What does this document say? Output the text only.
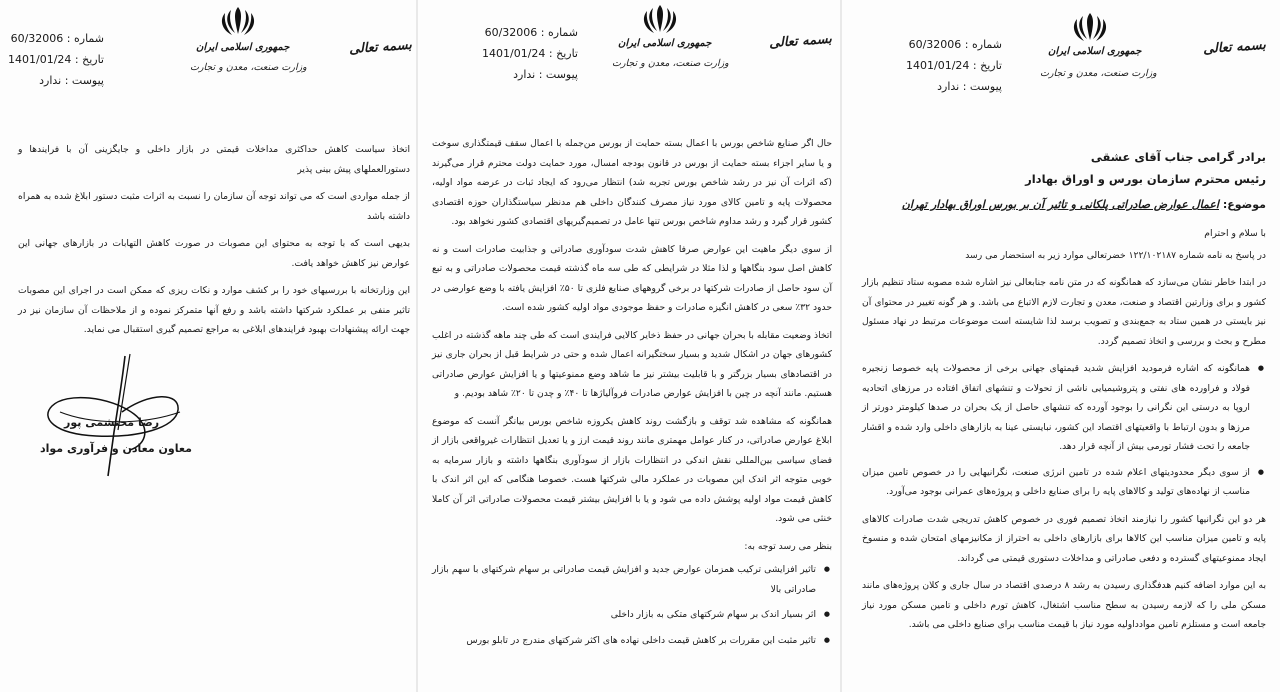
بسمه تعالی
جمهوری اسلامی ایران
وزارت صنعت، معدن و تجارت
شماره : 60/32006
تاریخ : 1401/01/24
پیوست : ندارد
برادر گرامی جناب آقای عشقی
رئیس محترم سازمان بورس و اوراق بهادار
موضوع: اعمال عوارض صادراتی پلکانی و تاثیر آن بر بورس اوراق بهادار تهران

با سلام و احترام

در پاسخ به نامه شماره ۱۲۲/۱۰۲۱۸۷ خضرتعالی موارد زیر به استحضار می رسد

در ابتدا خاطر نشان می‌سازد که همانگونه که در متن نامه جنابعالی نیز اشاره شده مصوبه ستاد تنظیم بازار کشور و برای وزارتین اقتصاد و صنعت، معدن و تجارت لازم الاتباع می باشد. و هر گونه تغییر در محتوای آن نیز بایستی در همین ستاد به جمع‌بندی و تصویب برسد لذا شایسته است موضوعات مرتبط در نهاد مسئول مطرح و بحث و بررسی و اتخاذ تصمیم گردد.

● همانگونه که اشاره فرمودید افزایش شدید قیمتهای جهانی برخی از محصولات پایه خصوصا زنجیره فولاد و فراورده های نفتی و پتروشیمیایی ناشی از تحولات و تنشهای اتفاق افتاده در مرزهای اتحادیه اروپا به درستی این نگرانی را بوجود آورده که تنشهای حاصل از یک بحران در صدها کیلومتر دورتر از مرزها و بدون ارتباط با واقعیتهای اقتصاد این کشور، نبایستی عینا به بازارهای داخلی وارد شده و اقشار جامعه را تحت فشار تورمی بیش از آنچه قرار دهد.
● از سوی دیگر محدودیتهای اعلام شده در تامین انرژی صنعت، نگرانیهایی را در خصوص تامین میزان مناسب از نهاده‌های تولید و کالاهای پایه را برای صنایع داخلی و پروژه‌های عمرانی بوجود می‌آورد.

هر دو این نگرانیها کشور را نیازمند اتخاذ تصمیم فوری در خصوص کاهش تدریجی شدت صادرات کالاهای پایه و تامین میزان مناسب این کالاها برای بازارهای داخلی به احتراز از مکانیزمهای امتحان شده و منسوخ ایجاد ممنوعیتهای گسترده و دفعی صادراتی و مداخلات دستوری قیمتی می گرداند.

به این موارد اضافه کنیم هدفگذاری رسیدن به رشد ۸ درصدی اقتصاد در سال جاری و کلان پروژه‌های مانند مسکن ملی را که لازمه رسیدن به سطح مناسب اشتغال، کاهش تورم داخلی و تامین مسکن مورد نیاز جامعه است و مستلزم تامین موادداولیه مورد نیاز با قیمت مناسب برای صنایع داخلی می باشد.

بسمه تعالی
جمهوری اسلامی ایران
وزارت صنعت، معدن و تجارت
شماره : 60/32006
تاریخ : 1401/01/24
پیوست : ندارد

حال اگر صنایع شاخص بورس با اعمال بسته حمایت از بورس من‌جمله با اعمال سقف قیمتگذاری سوخت و یا سایر اجزاء بسته حمایت از بورس در قانون بودجه امسال، مورد حمایت دولت محترم قرار می‌گیرند (که اثرات آن نیز در رشد شاخص بورس تجربه شد) انتظار می‌رود که ایجاد ثبات در عرضه مواد اولیه، محصولات پایه و تامین کالای مورد نیاز مصرف کنندگان داخلی هم مدنظر سیاستگذاران حوزه اقتصادی کشور قرار گیرد و رشد مداوم شاخص بورس تنها عامل در تصمیم‌گیریهای اقتصادی کشور نخواهد بود.

از سوی دیگر ماهیت این عوارض صرفا کاهش شدت سودآوری صادراتی و جذابیت صادرات است و نه کاهش اصل سود بنگاهها و لذا مثلا در شرایطی که طی سه ماه گذشته قیمت محصولات صادراتی و به تبع آن سود حاصل از صادرات شرکتها در برخی گروههای صنایع فلزی تا ۵۰٪ افزایش یافته با وضع عوارضی در حدود ۳۲٪ سعی در کاهش انگیزه صادرات و حفظ موجودی مواد اولیه کشور شده است.

اتخاذ وضعیت مقابله با بحران جهانی در حفظ ذخایر کالایی فرایندی است که طی چند ماهه گذشته در اغلب کشورهای جهان در اشکال شدید و بسیار سختگیرانه اعمال شده و حتی در شرایط قبل از بحران جاری نیز در اقتصادهای بسیار بزرگتر و با قابلیت بیشتر نیز ما شاهد وضع ممنوعیتها و یا افزایش عوارض صادراتی هستیم. مانند آنچه در چین با افزایش عوارض صادرات فروآلیاژها تا ۴۰٪ و چدن تا ۲۰٪ شاهد بودیم. و

همانگونه که مشاهده شد توقف و بازگشت روند کاهش یکروزه شاخص بورس بیانگر آنست که موضوع ابلاغ عوارض صادراتی، در کنار عوامل مهمتری مانند روند قیمت ارز و یا تعدیل انتظارات غیرواقعی بازار از فضای سیاسی بین‌المللی نقش اندکی در انتظارات بازار از سودآوری بنگاهها داشته و بازار سرمایه به خوبی متوجه اثر اندک این مصوبات در عملکرد مالی شرکتها هست. خصوصا هنگامی که این اثر اندک با کاهش قیمت مواد اولیه پوشش داده می شود و یا با افزایش بیشتر قیمت محصولات صادراتی اثر آن کاملا خنثی می شود.

بنظر می رسد توجه به:

● تاثیر افزایشی ترکیب همزمان عوارض جدید و افزایش قیمت صادراتی بر سهام شرکتهای با سهم بازار صادراتی بالا
● اثر بسیار اندک بر سهام شرکتهای متکی به بازار داخلی
● تاثیر مثبت این مقررات بر کاهش قیمت داخلی نهاده های اکثر شرکتهای مندرج در تابلو بورس
بسمه تعالی
جمهوری اسلامی ایران
وزارت صنعت، معدن و تجارت
شماره : 60/32006
تاریخ : 1401/01/24
پیوست : ندارد

اتخاذ سیاست کاهش حداکثری مداخلات قیمتی در بازار داخلی و جایگزینی آن با فرایندها و دستورالعملهای پیش بینی پذیر

از جمله مواردی است که می تواند توجه آن سازمان را نسبت به اثرات مثبت دستور ابلاغ شده به همراه داشته باشد

بدیهی است که با توجه به محتوای این مصوبات در صورت کاهش التهابات در بازارهای جهانی این عوارض نیز کاهش خواهد یافت.

این وزارتخانه با بررسیهای خود را بر کشف موارد و نکات ریزی که ممکن است در اجرای این مصوبات تاثیر منفی بر عملکرد شرکتها داشته باشد و رفع آنها متمرکز نموده و از ملاحظات آن سازمان نیز در جهت ارائه پیشنهادات بهبود فرایندهای ابلاغی به مراجع تصمیم گیری استقبال می نماید.

رضا محتشمی پور
معاون معادن و فرآوری مواد
